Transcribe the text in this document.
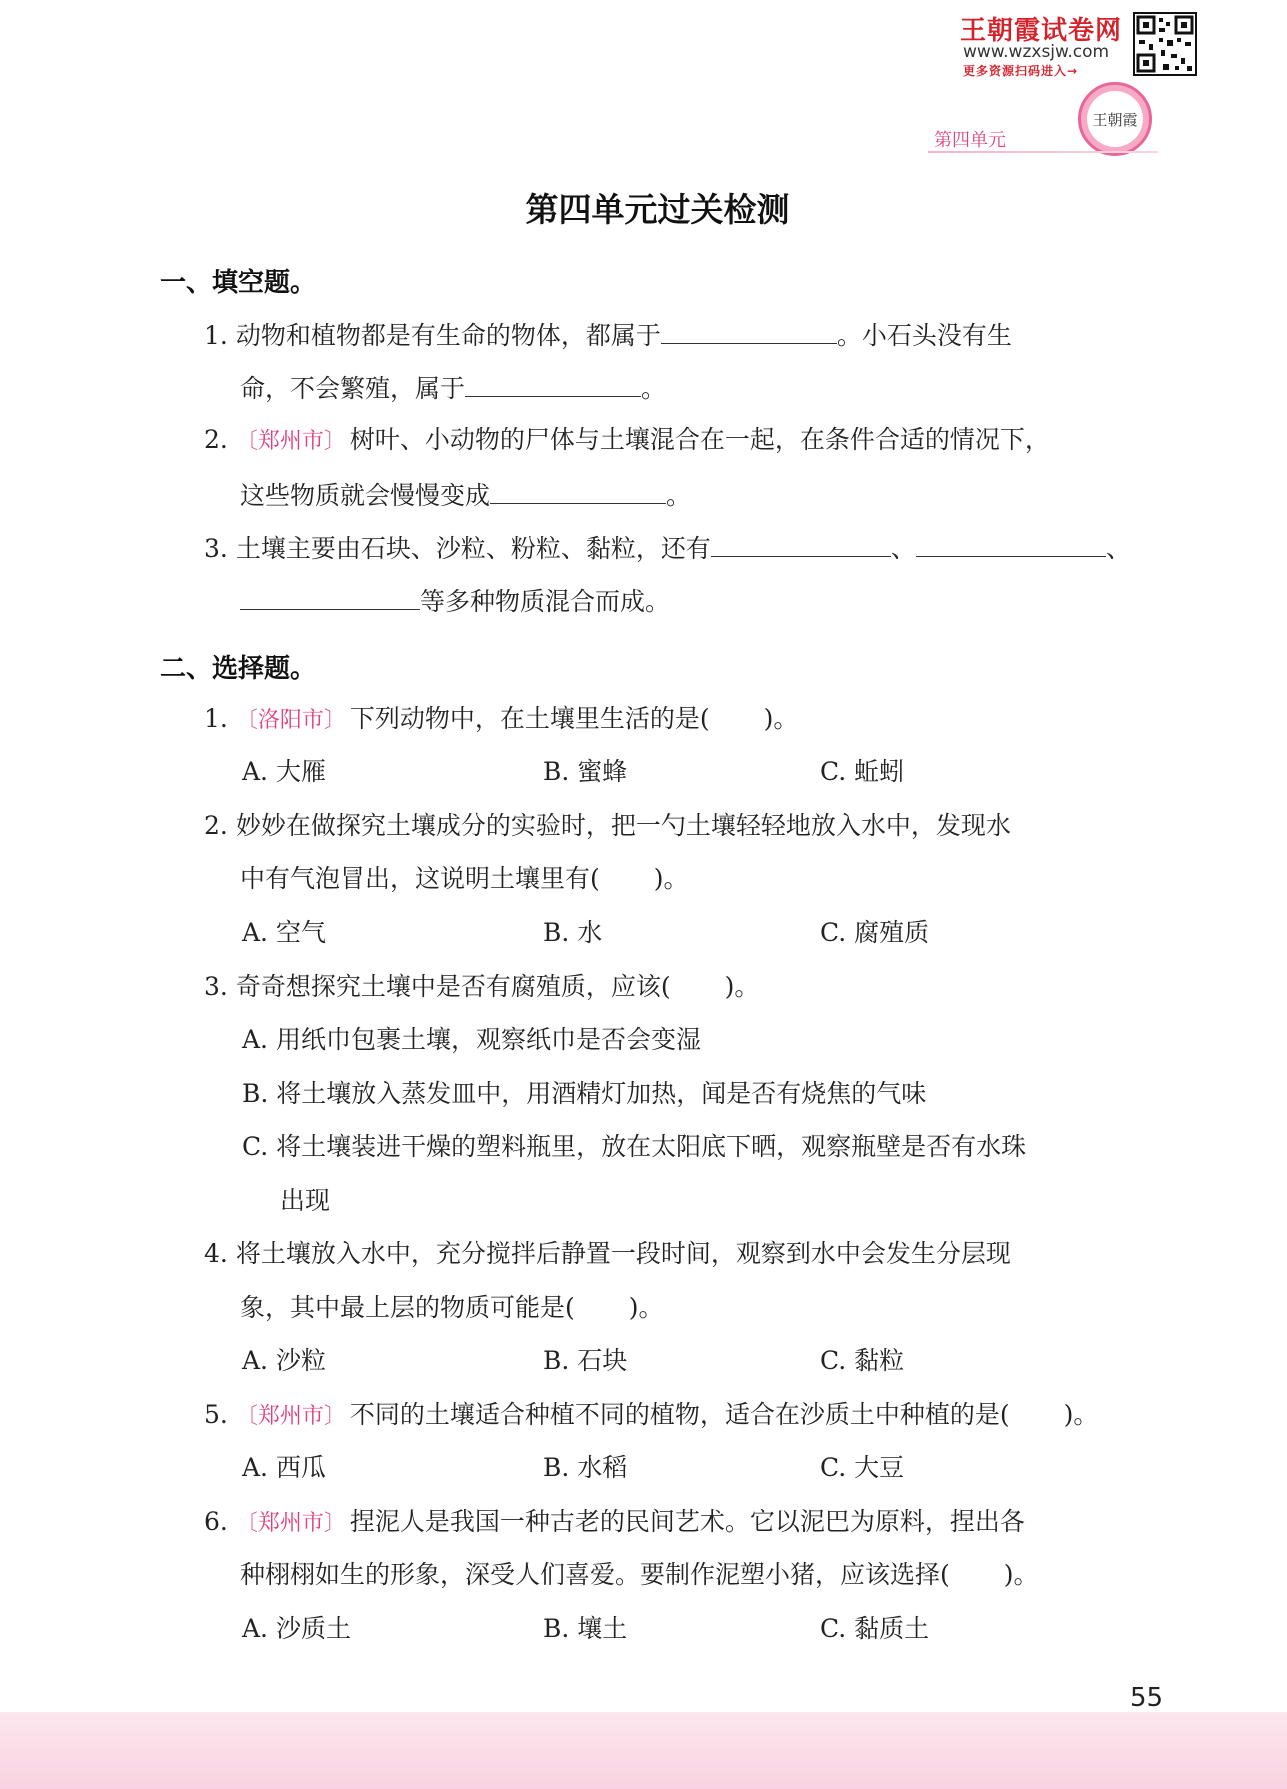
王朝霞试卷网
www.wzxsjw.com
更多资源扫码进入→
王朝霞
第四单元
第四单元过关检测
一、填空题。
1. 动物和植物都是有生命的物体，都属于	。小石头没有生
命，不会繁殖，属于	。
2. 〔郑州市〕 树叶、小动物的尸体与土壤混合在一起，在条件合适的情况下，
这些物质就会慢慢变成	。
3. 土壤主要由石块、沙粒、粉粒、黏粒，还有	、	、
等多种物质混合而成。
二、选择题。
1. 〔洛阳市〕 下列动物中，在土壤里生活的是( )。
A. 大雁	B. 蜜蜂	C. 蚯蚓
2. 妙妙在做探究土壤成分的实验时，把一勺土壤轻轻地放入水中，发现水
中有气泡冒出，这说明土壤里有( )。
A. 空气	B. 水	C. 腐殖质
3. 奇奇想探究土壤中是否有腐殖质，应该( )。
A. 用纸巾包裹土壤，观察纸巾是否会变湿
B. 将土壤放入蒸发皿中，用酒精灯加热，闻是否有烧焦的气味
C. 将土壤装进干燥的塑料瓶里，放在太阳底下晒，观察瓶壁是否有水珠
出现
4. 将土壤放入水中，充分搅拌后静置一段时间，观察到水中会发生分层现
象，其中最上层的物质可能是( )。
A. 沙粒	B. 石块	C. 黏粒
5. 〔郑州市〕 不同的土壤适合种植不同的植物，适合在沙质土中种植的是( )。
A. 西瓜	B. 水稻	C. 大豆
6. 〔郑州市〕 捏泥人是我国一种古老的民间艺术。它以泥巴为原料，捏出各
种栩栩如生的形象，深受人们喜爱。要制作泥塑小猪，应该选择( )。
A. 沙质土	B. 壤土	C. 黏质土
55
